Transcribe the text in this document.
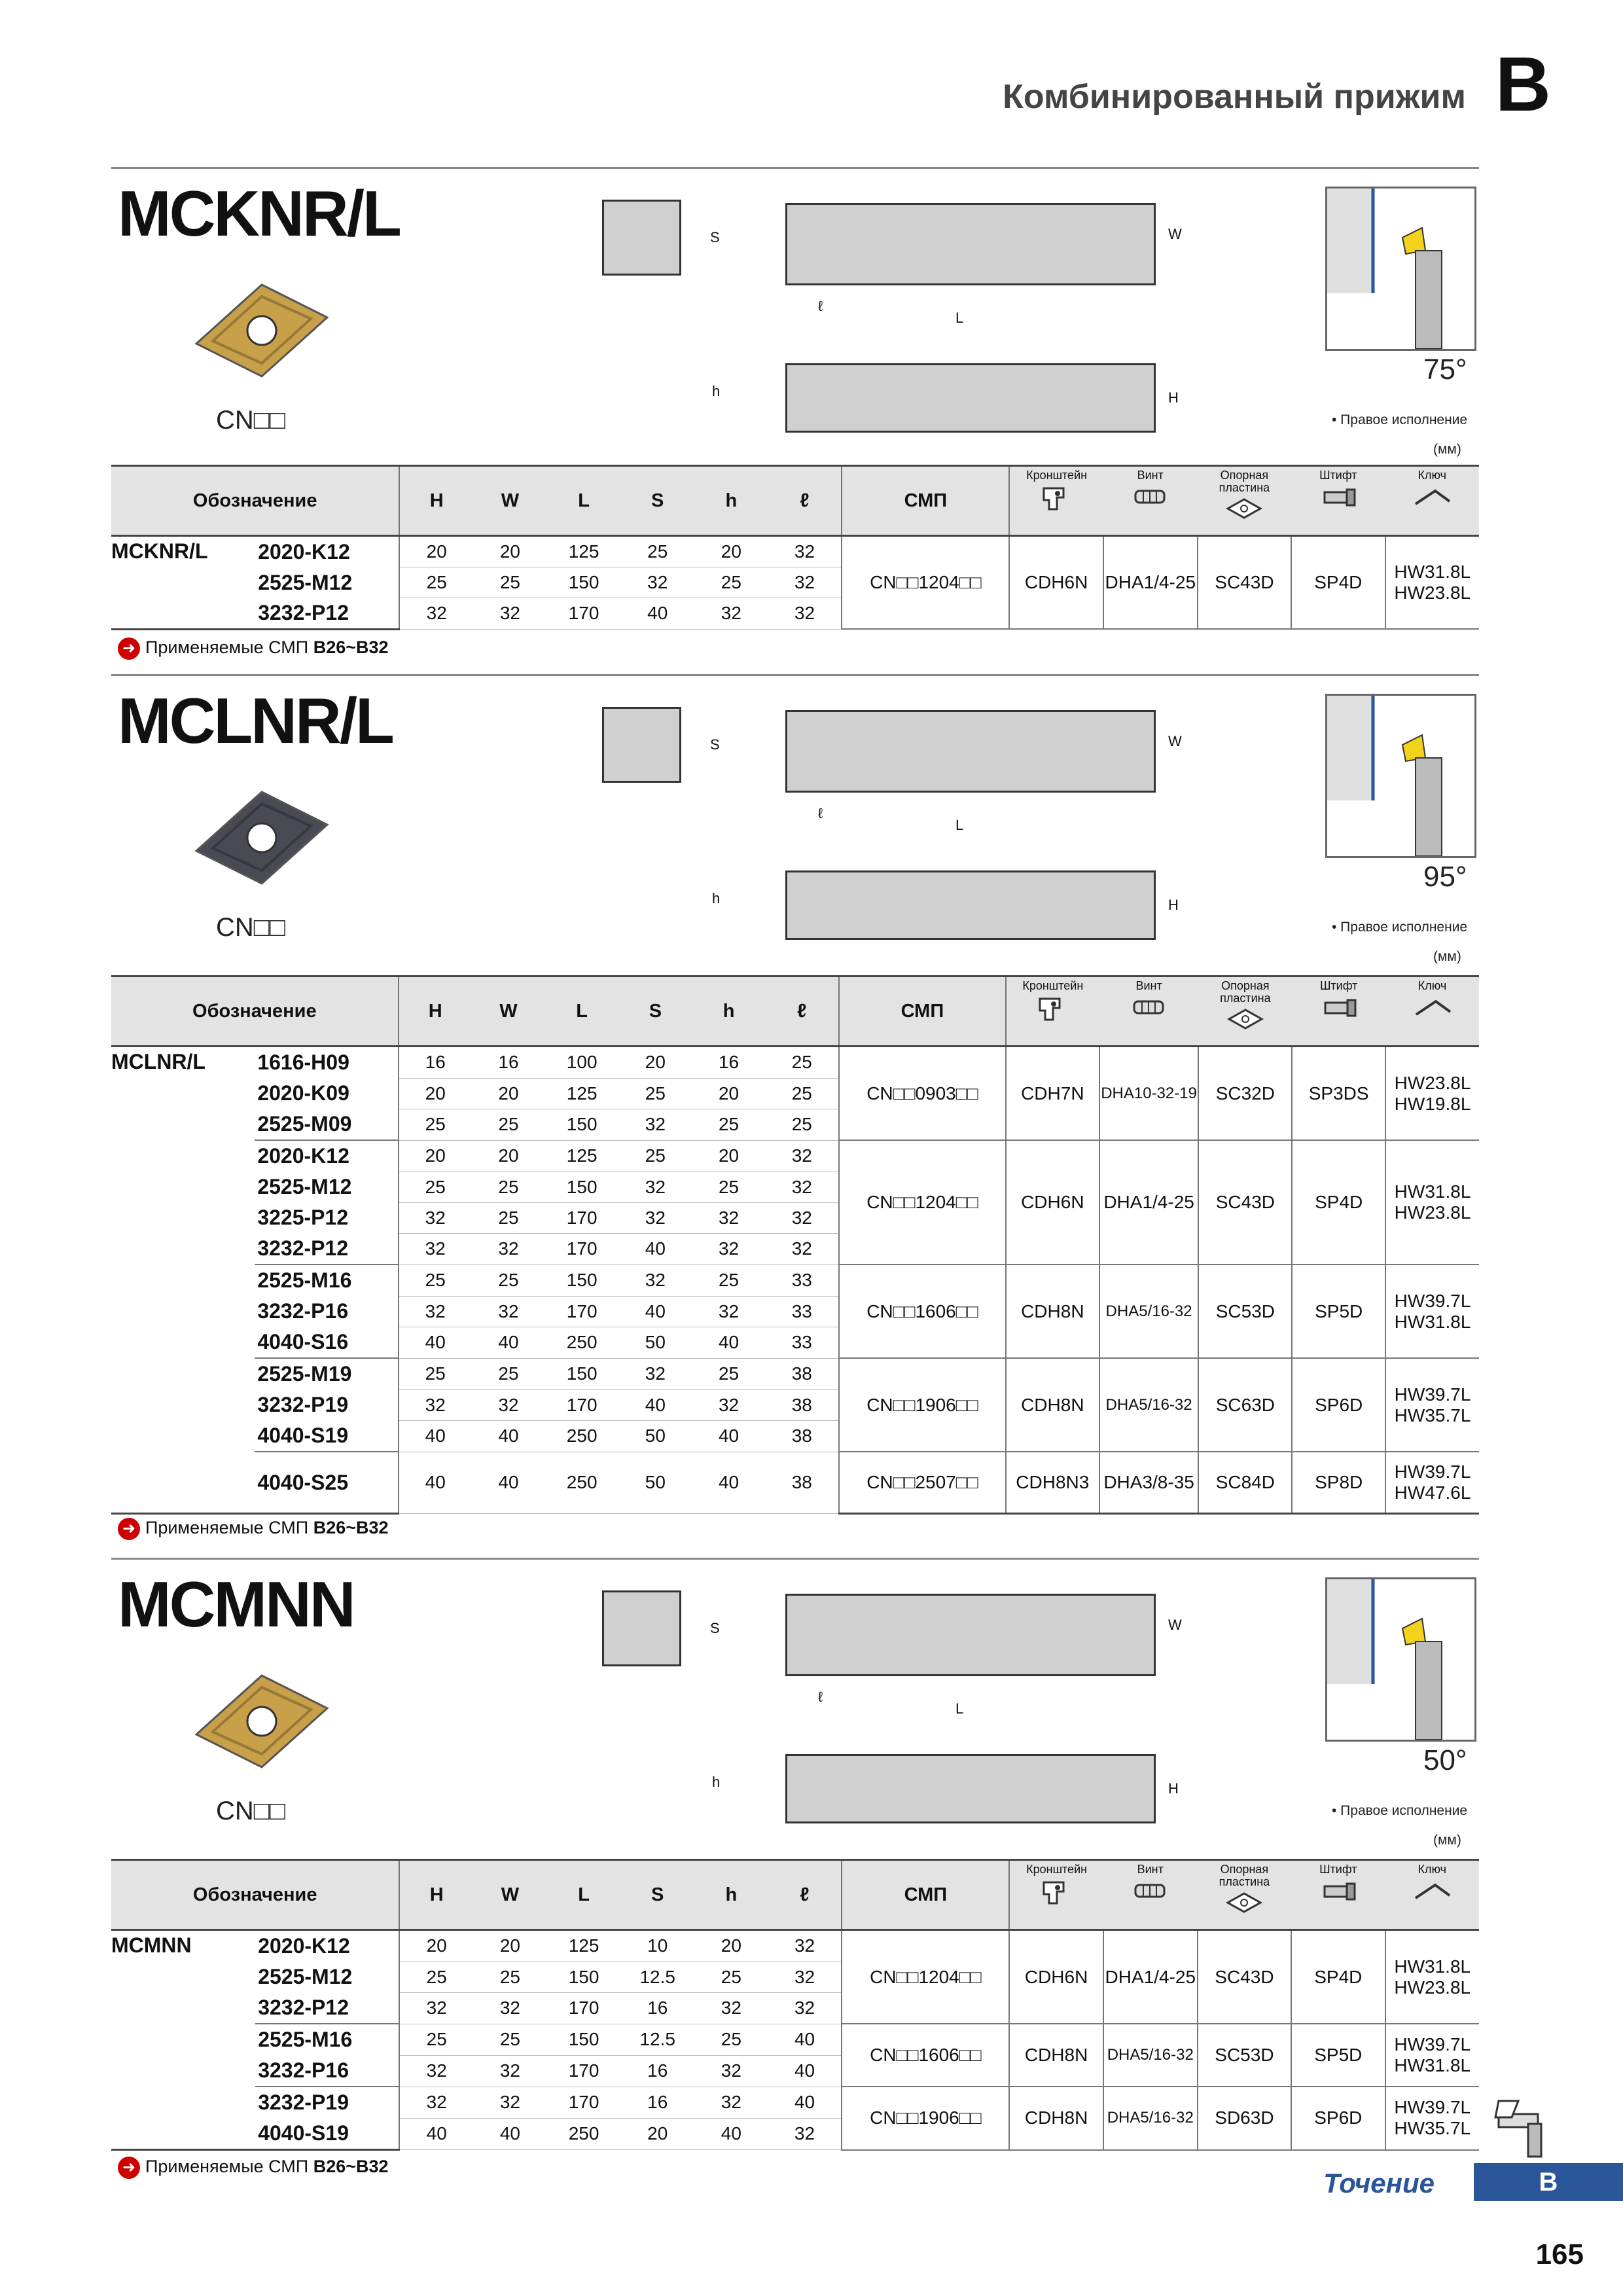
Комбинированный прижим B
MCKNR/L
CN□□
S	W
ℓ
L
h	H
75°
• Правое исполнение
(мм)
Обозначение		H	W	L	S	h	ℓ	СМП	Кронштейн	Винт	Опорная пластина	Штифт	Ключ

MCKNR/L	2020-K12	20	20	125	25	20	32	CN□□1204□□	CDH6N	DHA1/4-25	SC43D	SP4D	HW31.8L
HW23.8L

	2525-M12	25	25	150	32	25	32						
	3232-P12	32	32	170	40	32	32						
➜ Применяемые СМП B26~B32
MCLNR/L
CN□□
S	W
ℓ
L
h	H
95°
• Правое исполнение
(мм)
Обозначение		H	W	L	S	h	ℓ	СМП	Кронштейн	Винт	Опорная пластина	Штифт	Ключ

MCLNR/L	1616-H09	16	16	100	20	16	25	CN□□0903□□	CDH7N	DHA10-32-19	SC32D	SP3DS	HW23.8L
HW19.8L

	2020-K09	20	20	125	25	20	25						
	2525-M09	25	25	150	32	25	25						
	2020-K12	20	20	125	25	20	32	CN□□1204□□	CDH6N	DHA1/4-25	SC43D	SP4D	HW31.8L
HW23.8L

	2525-M12	25	25	150	32	25	32						
	3225-P12	32	25	170	32	32	32						
	3232-P12	32	32	170	40	32	32						
	2525-M16	25	25	150	32	25	33	CN□□1606□□	CDH8N	DHA5/16-32	SC53D	SP5D	HW39.7L
HW31.8L

	3232-P16	32	32	170	40	32	33						
	4040-S16	40	40	250	50	40	33						
	2525-M19	25	25	150	32	25	38	CN□□1906□□	CDH8N	DHA5/16-32	SC63D	SP6D	HW39.7L
HW35.7L

	3232-P19	32	32	170	40	32	38						
	4040-S19	40	40	250	50	40	38						
	4040-S25	40	40	250	50	40	38	CN□□2507□□	CDH8N3	DHA3/8-35	SC84D	SP8D	HW39.7L
HW47.6L
➜ Применяемые СМП B26~B32
MCMNN
CN□□
S	W
ℓ
L
h	H
50°
• Правое исполнение
(мм)
Обозначение		H	W	L	S	h	ℓ	СМП	Кронштейн	Винт	Опорная пластина	Штифт	Ключ

MCMNN	2020-K12	20	20	125	10	20	32	CN□□1204□□	CDH6N	DHA1/4-25	SC43D	SP4D	HW31.8L
HW23.8L

	2525-M12	25	25	150	12.5	25	32						
	3232-P12	32	32	170	16	32	32						
	2525-M16	25	25	150	12.5	25	40	CN□□1606□□	CDH8N	DHA5/16-32	SC53D	SP5D	HW39.7L
HW31.8L

	3232-P16	32	32	170	16	32	40						
	3232-P19	32	32	170	16	32	40	CN□□1906□□	CDH8N	DHA5/16-32	SD63D	SP6D	HW39.7L
HW35.7L

	4040-S19	40	40	250	20	40	32						
➜ Применяемые СМП B26~B32
Точение	B
165
